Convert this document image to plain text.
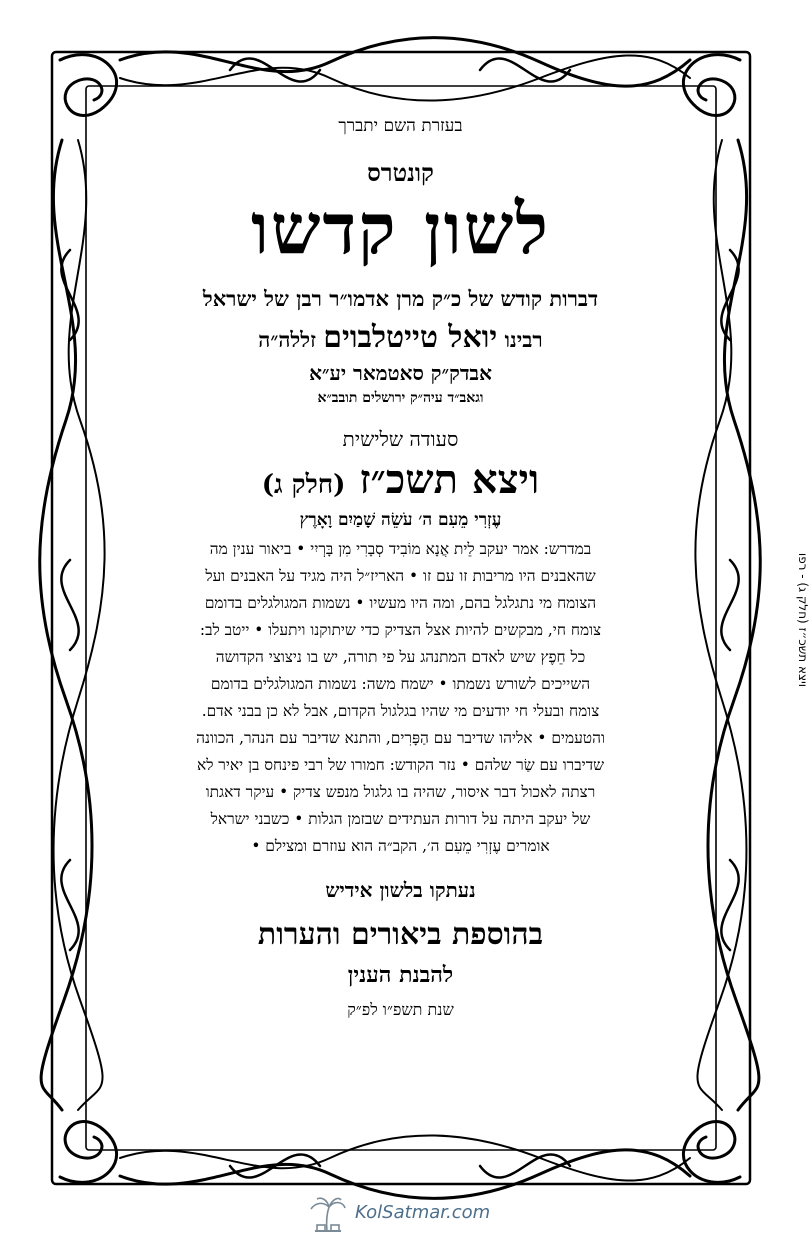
בעזרת השם יתברך
קונטרס
לשון קדשו
דברות קודש של כ״ק מרן אדמו״ר רבן של ישראל
רבינו יואל טייטלבוים זללה״ה
אבדק״ק סאטמאר יע״א
וגאב״ד עיה״ק ירושלים תובב״א
סעודה שלישית
ויצא תשכ״ז (חלק ג)
עֶזְרִי מֵעִם ה׳ עֹשֵׂה שָׁמַיִם וָאָרֶץ
במדרש: אמר יעקב לֵית אֲנָא מוֹבִיד סְבָרִי מִן בָּרְיִי • ביאור ענין מה
שהאבנים היו מריבות זו עם זו • האריז״ל היה מגיד על האבנים ועל
הצומח מי נתגלגל בהם, ומה היו מעשיו • נשמות המגולגלים בדומם
צומח חי, מבקשים להיות אצל הצדיק כדי שיתוקנו ויתעלו • ייטב לב:
כל חֵפֶץ שיש לאדם המתנהג על פי תורה, יש בו ניצוצי הקדושה
השייכים לשורש נשמתו • ישמח משה: נשמות המגולגלים בדומם
צומח ובעלי חי יודעים מי שהיו בגלגול הקדום, אבל לא כן בבני אדם.
והטעמים • אליהו שדיבר עם הַפָּרִים, והתנא שדיבר עם הנהר, הכוונה
שדיברו עם שַׂר שלהם • נזר הקודש: חמורו של רבי פינחס בן יאיר לא
רצתה לאכול דבר איסור, שהיה בו גלגול מנפש צדיק • עיקר דאגתו
של יעקב היתה על דורות העתידים שבזמן הגלות • כשבני ישראל
אומרים עֶזְרִי מֵעִם ה׳, הקב״ה הוא עוזרם ומצילם •
נעתקו בלשון אידיש
בהוספת ביאורים והערות
להבנת הענין
שנת תשפ״ו לפ״ק
ויצא תשכ״ז (חלק ג) - רפו
KolSatmar.com
